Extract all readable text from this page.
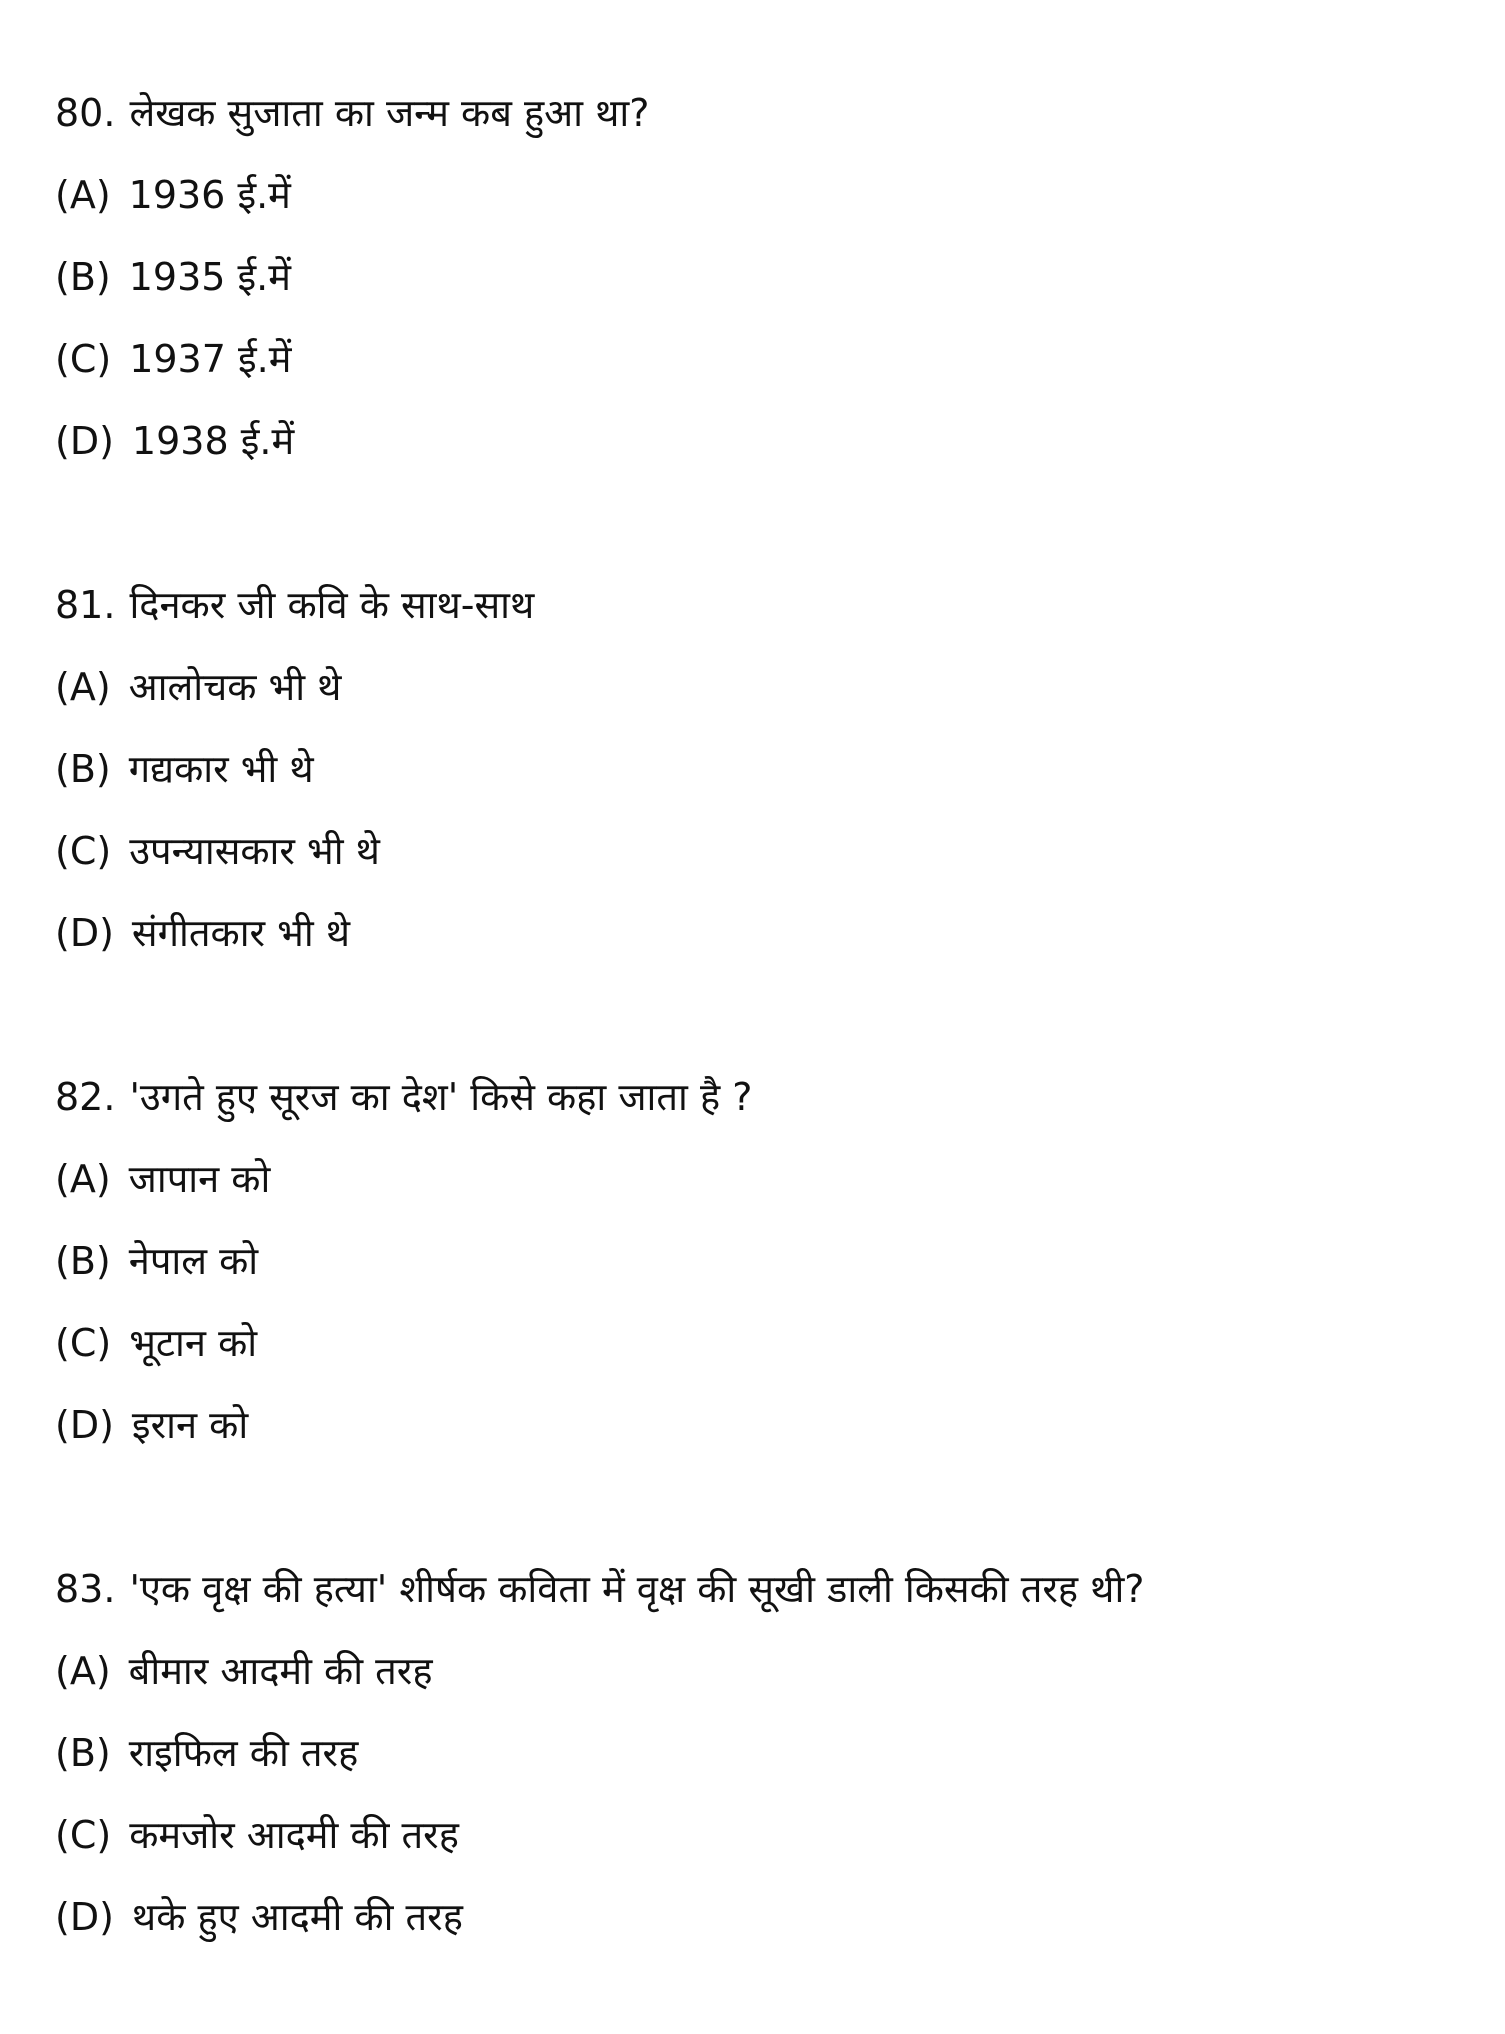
80. लेखक सुजाता का जन्म कब हुआ था?
(A) 1936 ई.में
(B) 1935 ई.में
(C) 1937 ई.में
(D) 1938 ई.में
81. दिनकर जी कवि के साथ-साथ
(A) आलोचक भी थे
(B) गद्यकार भी थे
(C) उपन्यासकार भी थे
(D) संगीतकार भी थे
82. 'उगते हुए सूरज का देश' किसे कहा जाता है ?
(A) जापान को
(B) नेपाल को
(C) भूटान को
(D) इरान को
83. 'एक वृक्ष की हत्या' शीर्षक कविता में वृक्ष की सूखी डाली किसकी तरह थी?
(A) बीमार आदमी की तरह
(B) राइफिल की तरह
(C) कमजोर आदमी की तरह
(D) थके हुए आदमी की तरह
